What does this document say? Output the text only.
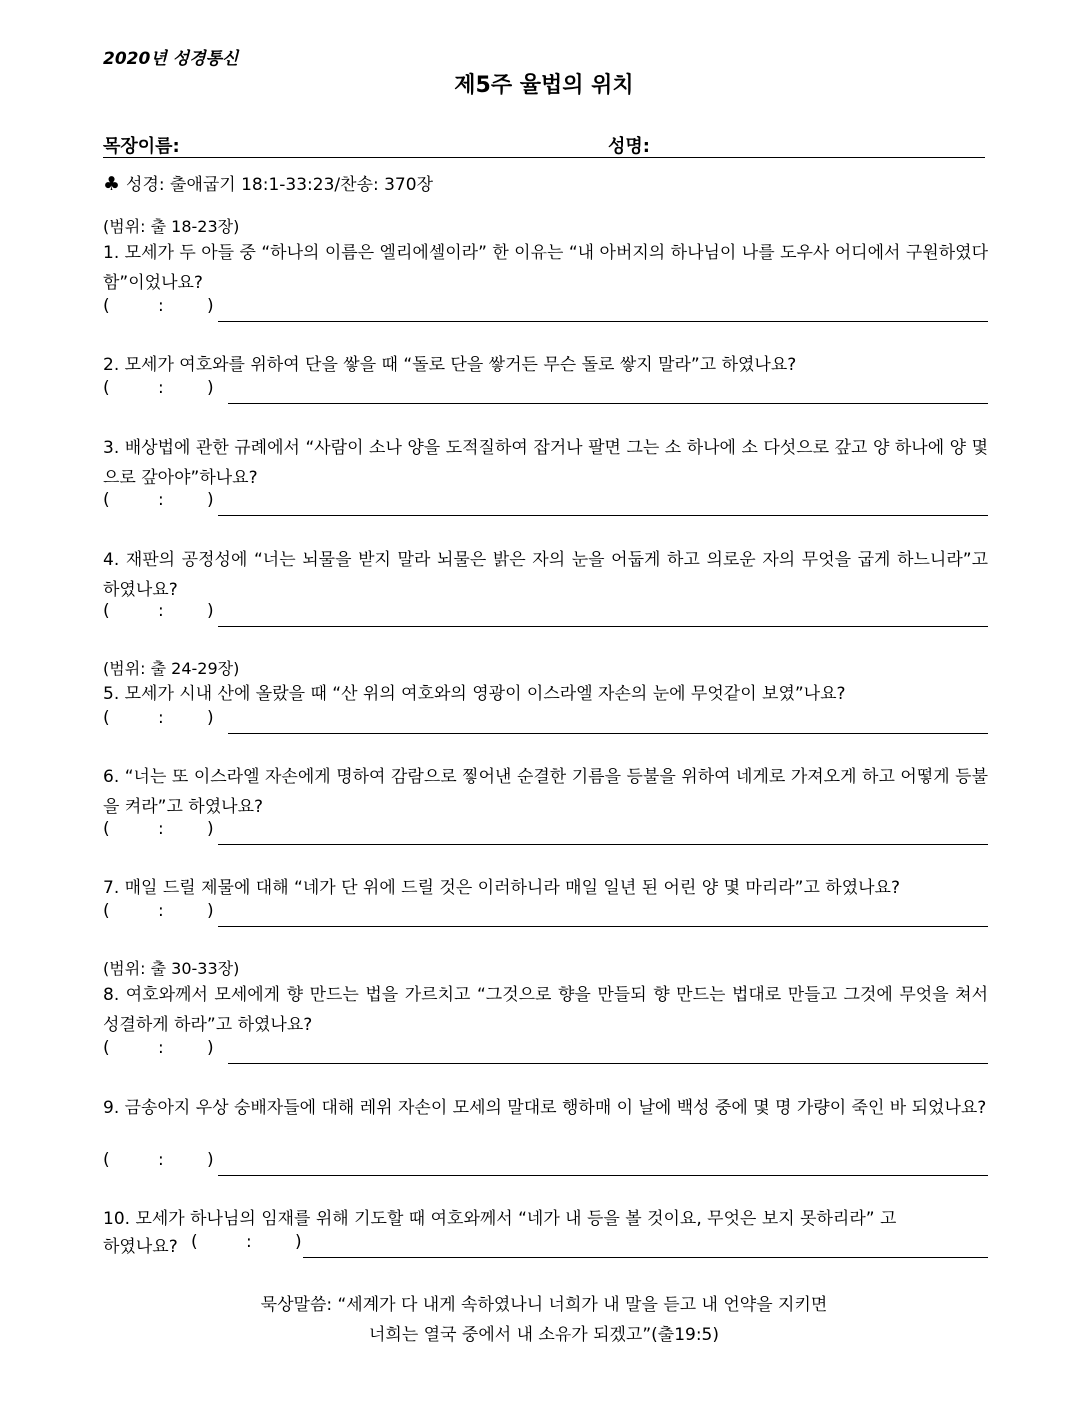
2020년 성경통신
제5주 율법의 위치
목장이름:	성명:
♣ 성경: 출애굽기 18:1-33:23/찬송: 370장
(범위: 출 18-23장)
1. 모세가 두 아들 중 “하나의 이름은 엘리에셀이라” 한 이유는 “내 아버지의 하나님이 나를 도우사 어디에서 구원하였다 함”이었나요?
(	:	)
2. 모세가 여호와를 위하여 단을 쌓을 때 “돌로 단을 쌓거든 무슨 돌로 쌓지 말라”고 하였나요?
(	:	)
3. 배상법에 관한 규례에서 “사람이 소나 양을 도적질하여 잡거나 팔면 그는 소 하나에 소 다섯으로 갚고 양 하나에 양 몇으로 갚아야”하나요?
(	:	)
4. 재판의 공정성에 “너는 뇌물을 받지 말라 뇌물은 밝은 자의 눈을 어둡게 하고 의로운 자의 무엇을 굽게 하느니라”고 하였나요?
(	:	)
(범위: 출 24-29장)
5. 모세가 시내 산에 올랐을 때 “산 위의 여호와의 영광이 이스라엘 자손의 눈에 무엇같이 보였”나요?
(	:	)
6. “너는 또 이스라엘 자손에게 명하여 감람으로 찧어낸 순결한 기름을 등불을 위하여 네게로 가져오게 하고 어떻게 등불을 켜라”고 하였나요?
(	:	)
7. 매일 드릴 제물에 대해 “네가 단 위에 드릴 것은 이러하니라 매일 일년 된 어린 양 몇 마리라”고 하였나요?
(	:	)
(범위: 출 30-33장)
8. 여호와께서 모세에게 향 만드는 법을 가르치고 “그것으로 향을 만들되 향 만드는 법대로 만들고 그것에 무엇을 쳐서 성결하게 하라”고 하였나요?
(	:	)
9. 금송아지 우상 숭배자들에 대해 레위 자손이 모세의 말대로 행하매 이 날에 백성 중에 몇 명 가량이 죽인 바 되었나요?
(	:	)
10. 모세가 하나님의 임재를 위해 기도할 때 여호와께서 “네가 내 등을 볼 것이요, 무엇은 보지 못하리라” 고
하였나요? (	:	)
묵상말씀: “세계가 다 내게 속하였나니 너희가 내 말을 듣고 내 언약을 지키면
너희는 열국 중에서 내 소유가 되겠고”(출19:5)
